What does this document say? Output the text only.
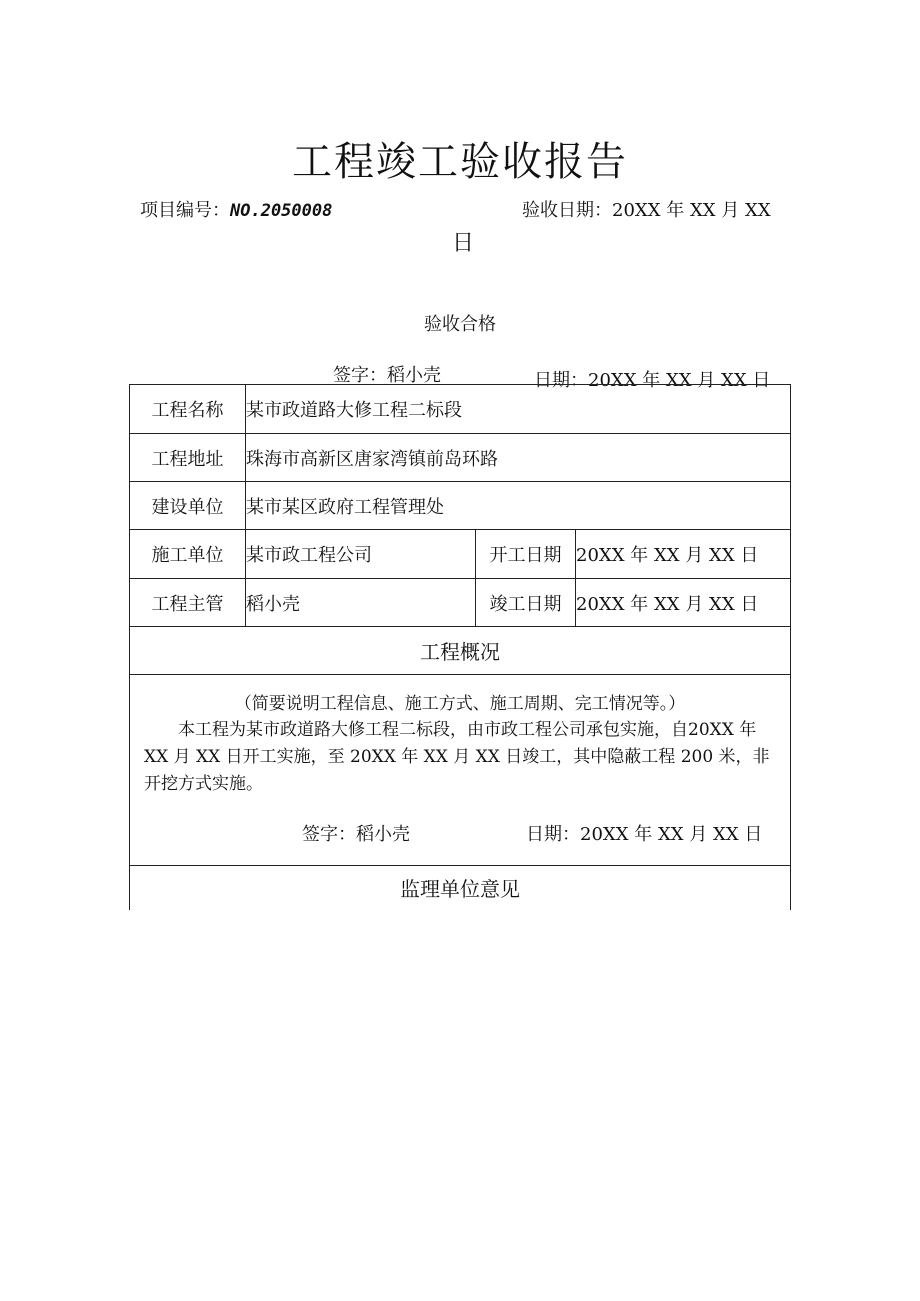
工程竣工验收报告
项目编号：NO.2050008	验收日期：20XX 年 XX 月 XX
日
验收合格
签字：稻小壳	日期：20XX 年 XX 月 XX 日
工程名称	某市政道路大修工程二标段		
工程地址	珠海市高新区唐家湾镇前岛环路		
建设单位	某市某区政府工程管理处		
施工单位	某市政工程公司	开工日期	20XX 年 XX 月 XX 日
工程主管	稻小壳	竣工日期	20XX 年 XX 月 XX 日
工程概况			

（简要说明工程信息、施工方式、施工周期、完工情况等。）
本工程为某市政道路大修工程二标段，由市政工程公司承包实施，自20XX 年 XX 月 XX 日开工实施，至 20XX 年 XX 月 XX 日竣工，其中隐蔽工程 200 米，非开挖方式实施。
签字：稻小壳 日期：20XX 年 XX 月 XX 日			

监理单位意见			
